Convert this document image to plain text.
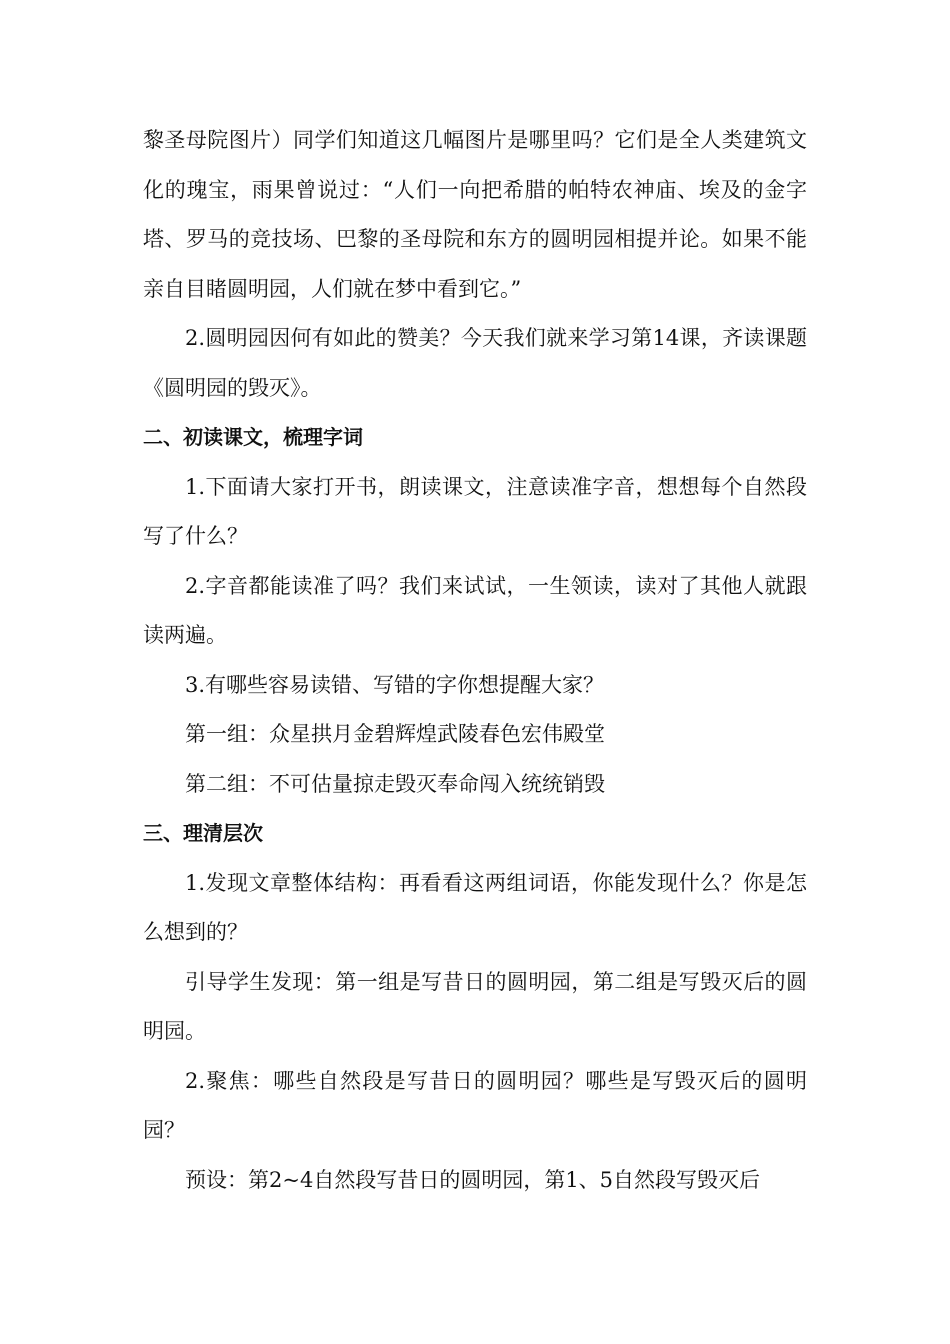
黎圣母院图片）同学们知道这几幅图片是哪里吗？它们是全人类建筑文化的瑰宝，雨果曾说过：“人们一向把希腊的帕特农神庙、埃及的金字塔、罗马的竞技场、巴黎的圣母院和东方的圆明园相提并论。如果不能亲自目睹圆明园，人们就在梦中看到它。”

2.圆明园因何有如此的赞美？今天我们就来学习第14课，齐读课题《圆明园的毁灭》。

二、初读课文，梳理字词

1.下面请大家打开书，朗读课文，注意读准字音，想想每个自然段写了什么？

2.字音都能读准了吗？我们来试试，一生领读，读对了其他人就跟读两遍。

3.有哪些容易读错、写错的字你想提醒大家？

第一组：众星拱月金碧辉煌武陵春色宏伟殿堂

第二组：不可估量掠走毁灭奉命闯入统统销毁

三、理清层次

1.发现文章整体结构：再看看这两组词语，你能发现什么？你是怎么想到的？

引导学生发现：第一组是写昔日的圆明园，第二组是写毁灭后的圆明园。

2.聚焦：哪些自然段是写昔日的圆明园？哪些是写毁灭后的圆明园？

预设：第2~4自然段写昔日的圆明园，第1、5自然段写毁灭后
